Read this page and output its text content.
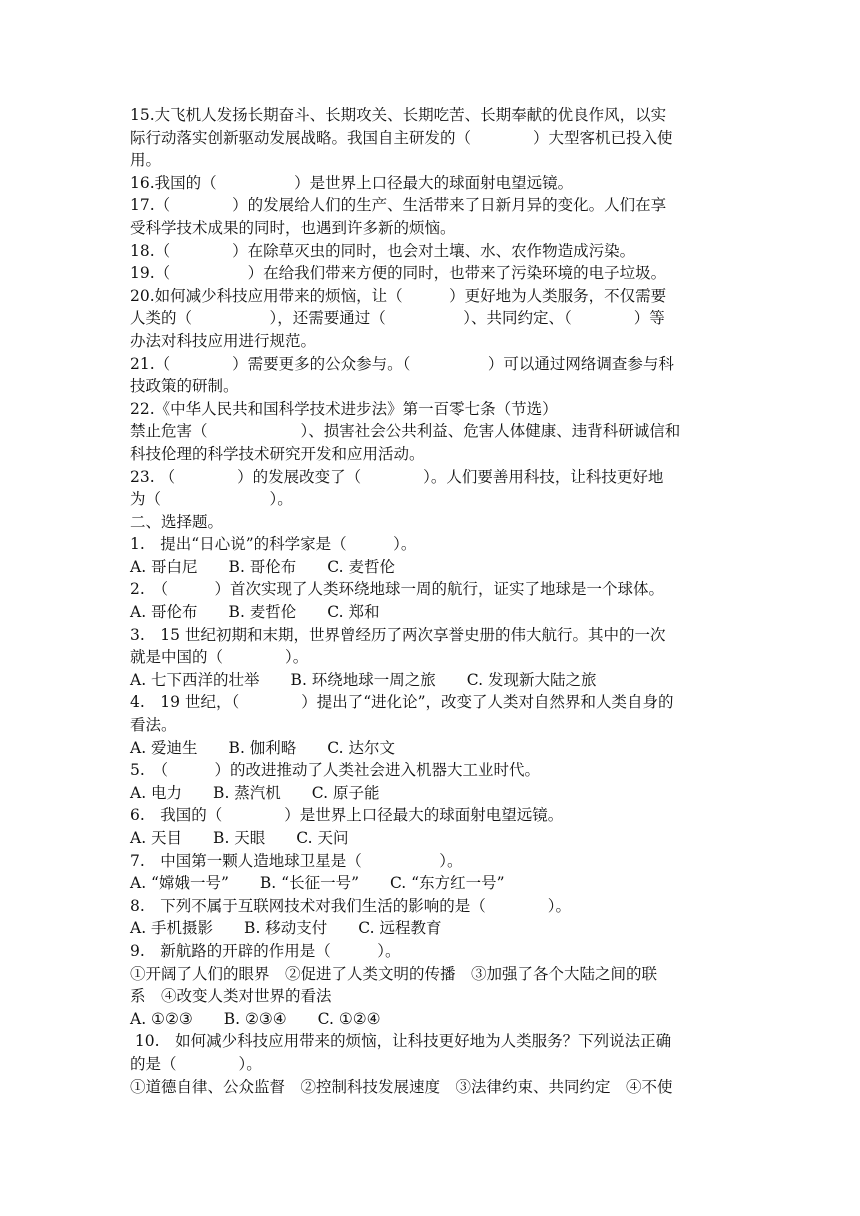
15.大飞机人发扬长期奋斗、长期攻关、长期吃苦、长期奉献的优良作风，以实
际行动落实创新驱动发展战略。我国自主研发的（　　　　）大型客机已投入使
用。
16.我国的（　　　　　）是世界上口径最大的球面射电望远镜。
17.（　　　　）的发展给人们的生产、生活带来了日新月异的变化。人们在享
受科学技术成果的同时，也遇到许多新的烦恼。
18.（　　　　）在除草灭虫的同时，也会对土壤、水、农作物造成污染。
19.（　　　　　）在给我们带来方便的同时，也带来了污染环境的电子垃圾。
20.如何减少科技应用带来的烦恼，让（　　　）更好地为人类服务，不仅需要
人类的（　　　　　），还需要通过（　　　　　）、共同约定、（　　　　）等
办法对科技应用进行规范。
21.（　　　　）需要更多的公众参与。（　　　　　）可以通过网络调查参与科
技政策的研制。
22.《中华人民共和国科学技术进步法》第一百零七条（节选）
禁止危害（　　　　　　）、损害社会公共利益、危害人体健康、违背科研诚信和
科技伦理的科学技术研究开发和应用活动。
23. （　　　　）的发展改变了（　　　　）。人们要善用科技，让科技更好地
为（　　　　　　　）。
二、选择题。
1.　提出“日心说”的科学家是（　　　）。
A. 哥白尼　　B. 哥伦布　　C. 麦哲伦
2.　（　　　）首次实现了人类环绕地球一周的航行，证实了地球是一个球体。
A. 哥伦布　　B. 麦哲伦　　C. 郑和
3.　15 世纪初期和末期，世界曾经历了两次享誉史册的伟大航行。其中的一次
就是中国的（　　　　）。
A. 七下西洋的壮举　　B. 环绕地球一周之旅　　C. 发现新大陆之旅
4.　19 世纪，（　　　　）提出了“进化论”，改变了人类对自然界和人类自身的
看法。
A. 爱迪生　　B. 伽利略　　C. 达尔文
5.　（　　　）的改进推动了人类社会进入机器大工业时代。
A. 电力　　B. 蒸汽机　　C. 原子能
6.　我国的（　　　　）是世界上口径最大的球面射电望远镜。
A. 天目　　B. 天眼　　C. 天问
7.　中国第一颗人造地球卫星是（　　　　　）。
A. “嫦娥一号”　　B. “长征一号”　　C. “东方红一号”
8.　下列不属于互联网技术对我们生活的影响的是（　　　　）。
A. 手机摄影　　B. 移动支付　　C. 远程教育
9.　新航路的开辟的作用是（　　　）。
①开阔了人们的眼界　②促进了人类文明的传播　③加强了各个大陆之间的联
系　④改变人类对世界的看法
A. ①②③　　B. ②③④　　C. ①②④
10.　如何减少科技应用带来的烦恼，让科技更好地为人类服务？下列说法正确
的是（　　　　）。
①道德自律、公众监督　②控制科技发展速度　③法律约束、共同约定　④不使
